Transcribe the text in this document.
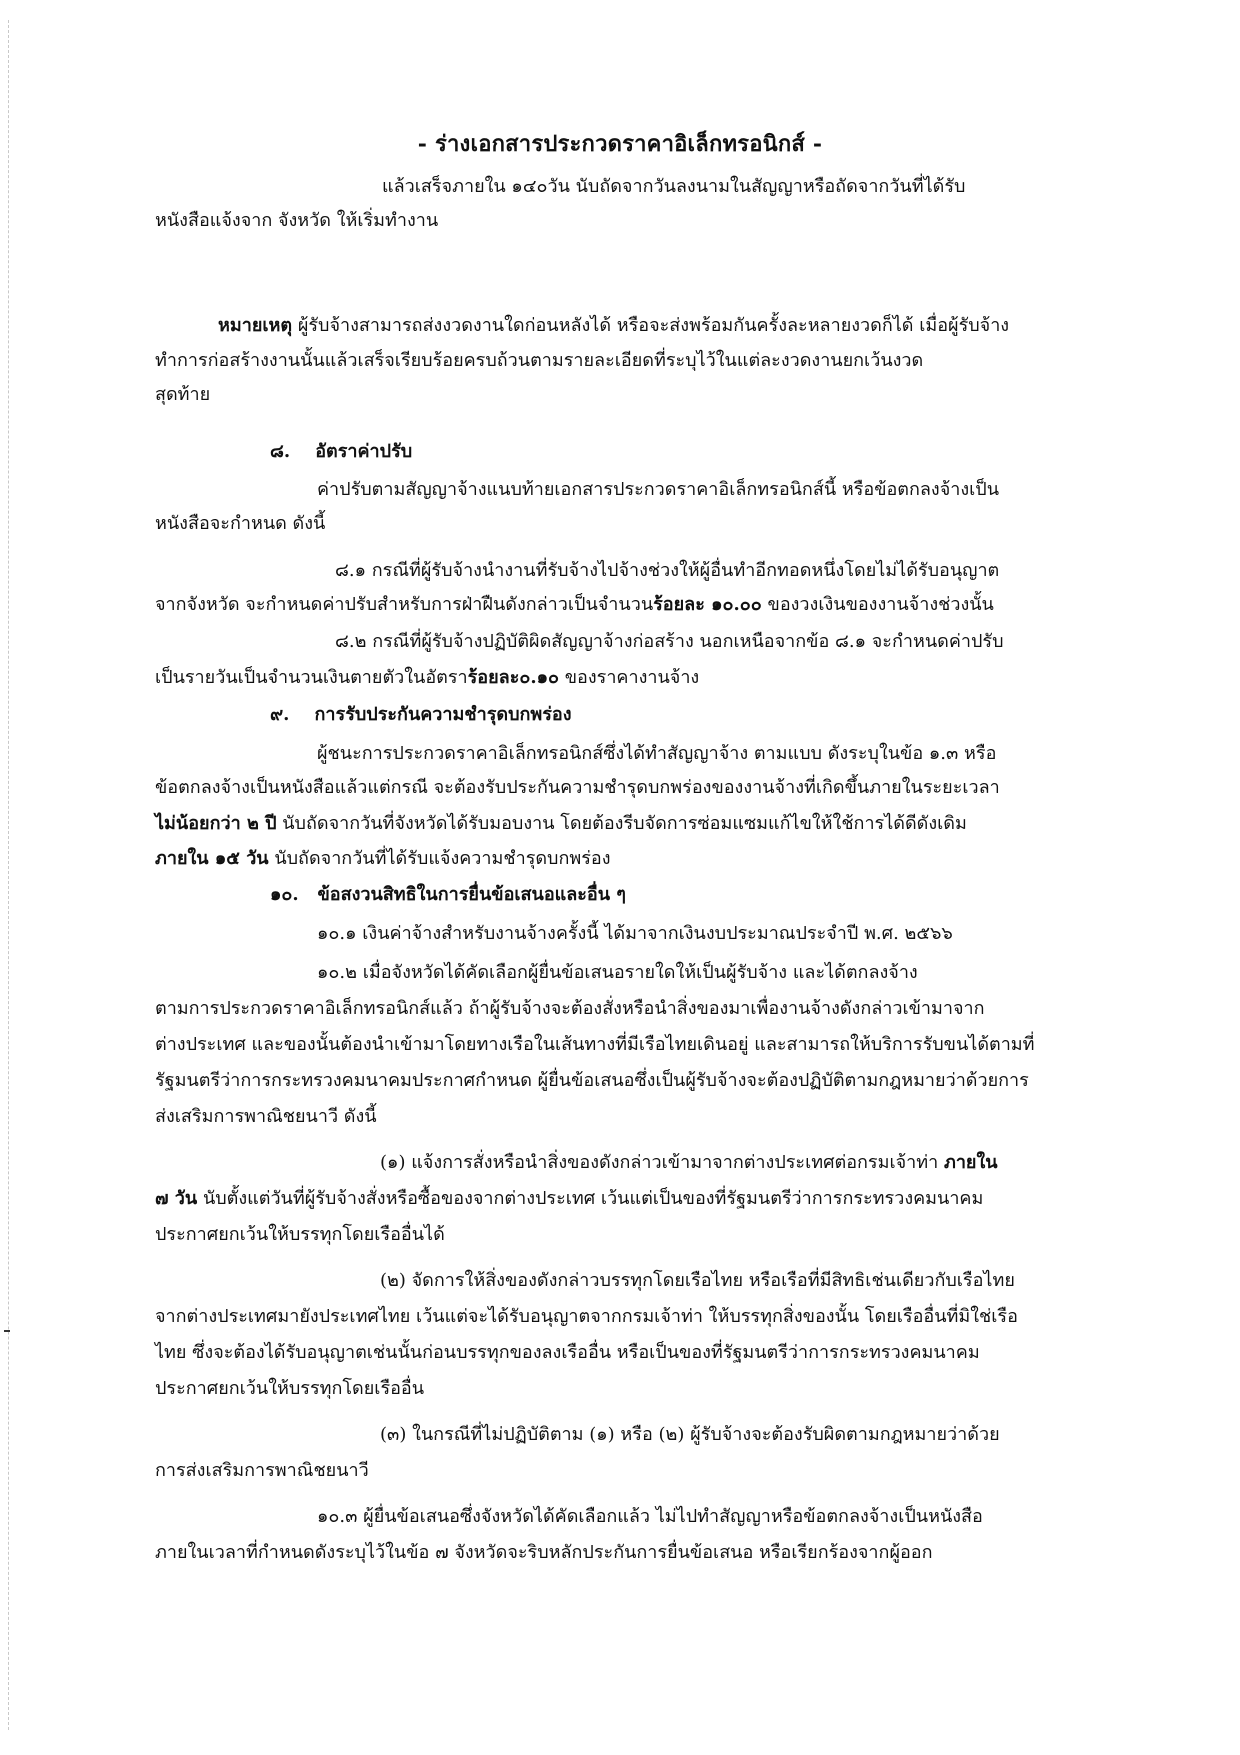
- ร่างเอกสารประกวดราคาอิเล็กทรอนิกส์ -
แล้วเสร็จภายใน ๑๔๐วัน นับถัดจากวันลงนามในสัญญาหรือถัดจากวันที่ได้รับ
หนังสือแจ้งจาก จังหวัด ให้เริ่มทำงาน
หมายเหตุ ผู้รับจ้างสามารถส่งงวดงานใดก่อนหลังได้ หรือจะส่งพร้อมกันครั้งละหลายงวดก็ได้ เมื่อผู้รับจ้าง
ทำการก่อสร้างงานนั้นแล้วเสร็จเรียบร้อยครบถ้วนตามรายละเอียดที่ระบุไว้ในแต่ละงวดงานยกเว้นงวด
สุดท้าย
๘. อัตราค่าปรับ
ค่าปรับตามสัญญาจ้างแนบท้ายเอกสารประกวดราคาอิเล็กทรอนิกส์นี้ หรือข้อตกลงจ้างเป็น
หนังสือจะกำหนด ดังนี้
๘.๑ กรณีที่ผู้รับจ้างนำงานที่รับจ้างไปจ้างช่วงให้ผู้อื่นทำอีกทอดหนึ่งโดยไม่ได้รับอนุญาต
จากจังหวัด จะกำหนดค่าปรับสำหรับการฝ่าฝืนดังกล่าวเป็นจำนวนร้อยละ ๑๐.๐๐ ของวงเงินของงานจ้างช่วงนั้น
๘.๒ กรณีที่ผู้รับจ้างปฏิบัติผิดสัญญาจ้างก่อสร้าง นอกเหนือจากข้อ ๘.๑ จะกำหนดค่าปรับ
เป็นรายวันเป็นจำนวนเงินตายตัวในอัตราร้อยละ๐.๑๐ ของราคางานจ้าง
๙. การรับประกันความชำรุดบกพร่อง
ผู้ชนะการประกวดราคาอิเล็กทรอนิกส์ซึ่งได้ทำสัญญาจ้าง ตามแบบ ดังระบุในข้อ ๑.๓ หรือ
ข้อตกลงจ้างเป็นหนังสือแล้วแต่กรณี จะต้องรับประกันความชำรุดบกพร่องของงานจ้างที่เกิดขึ้นภายในระยะเวลา
ไม่น้อยกว่า ๒ ปี นับถัดจากวันที่จังหวัดได้รับมอบงาน โดยต้องรีบจัดการซ่อมแซมแก้ไขให้ใช้การได้ดีดังเดิม
ภายใน ๑๕ วัน นับถัดจากวันที่ได้รับแจ้งความชำรุดบกพร่อง
๑๐. ข้อสงวนสิทธิในการยื่นข้อเสนอและอื่น ๆ
๑๐.๑ เงินค่าจ้างสำหรับงานจ้างครั้งนี้ ได้มาจากเงินงบประมาณประจำปี พ.ศ. ๒๕๖๖
๑๐.๒ เมื่อจังหวัดได้คัดเลือกผู้ยื่นข้อเสนอรายใดให้เป็นผู้รับจ้าง และได้ตกลงจ้าง
ตามการประกวดราคาอิเล็กทรอนิกส์แล้ว ถ้าผู้รับจ้างจะต้องสั่งหรือนำสิ่งของมาเพื่องานจ้างดังกล่าวเข้ามาจาก
ต่างประเทศ และของนั้นต้องนำเข้ามาโดยทางเรือในเส้นทางที่มีเรือไทยเดินอยู่ และสามารถให้บริการรับขนได้ตามที่
รัฐมนตรีว่าการกระทรวงคมนาคมประกาศกำหนด ผู้ยื่นข้อเสนอซึ่งเป็นผู้รับจ้างจะต้องปฏิบัติตามกฎหมายว่าด้วยการ
ส่งเสริมการพาณิชยนาวี ดังนี้
(๑) แจ้งการสั่งหรือนำสิ่งของดังกล่าวเข้ามาจากต่างประเทศต่อกรมเจ้าท่า ภายใน
๗ วัน นับตั้งแต่วันที่ผู้รับจ้างสั่งหรือซื้อของจากต่างประเทศ เว้นแต่เป็นของที่รัฐมนตรีว่าการกระทรวงคมนาคม
ประกาศยกเว้นให้บรรทุกโดยเรืออื่นได้
(๒) จัดการให้สิ่งของดังกล่าวบรรทุกโดยเรือไทย หรือเรือที่มีสิทธิเช่นเดียวกับเรือไทย
จากต่างประเทศมายังประเทศไทย เว้นแต่จะได้รับอนุญาตจากกรมเจ้าท่า ให้บรรทุกสิ่งของนั้น โดยเรืออื่นที่มิใช่เรือ
ไทย ซึ่งจะต้องได้รับอนุญาตเช่นนั้นก่อนบรรทุกของลงเรืออื่น หรือเป็นของที่รัฐมนตรีว่าการกระทรวงคมนาคม
ประกาศยกเว้นให้บรรทุกโดยเรืออื่น
(๓) ในกรณีที่ไม่ปฏิบัติตาม (๑) หรือ (๒) ผู้รับจ้างจะต้องรับผิดตามกฎหมายว่าด้วย
การส่งเสริมการพาณิชยนาวี
๑๐.๓ ผู้ยื่นข้อเสนอซึ่งจังหวัดได้คัดเลือกแล้ว ไม่ไปทำสัญญาหรือข้อตกลงจ้างเป็นหนังสือ
ภายในเวลาที่กำหนดดังระบุไว้ในข้อ ๗ จังหวัดจะริบหลักประกันการยื่นข้อเสนอ หรือเรียกร้องจากผู้ออก
